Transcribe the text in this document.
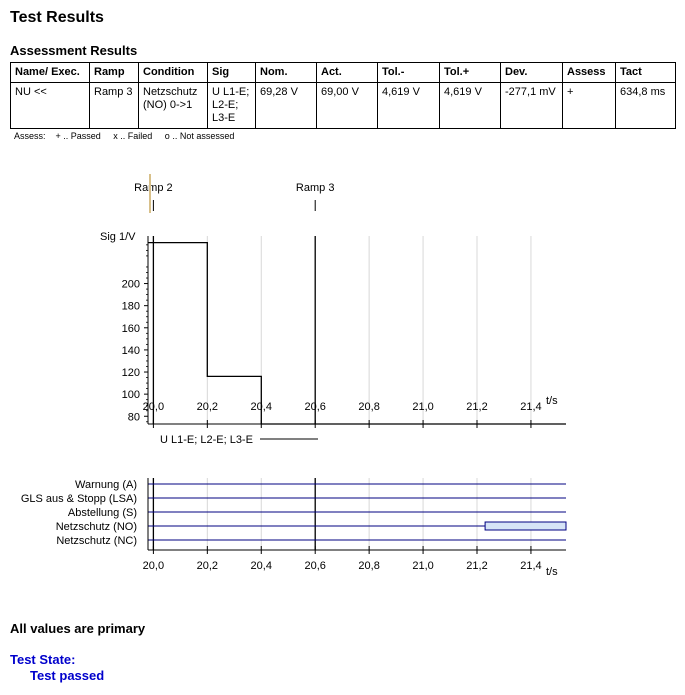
Test Results
Assessment Results
Name/ Exec.	Ramp	Condition	Sig	Nom.	Act.	Tol.-	Tol.+	Dev.	Assess	Tact
NU <<	Ramp 3	Netzschutz (NO) 0->1	U L1-E; L2-E; L3-E	69,28 V	69,00 V	4,619 V	4,619 V	-277,1 mV	+	634,8 ms
Assess:    + .. Passed     x .. Failed     o .. Not assessed
Ramp 2	Ramp 3
80
100
120
140
160
180
200
20,0	20,2	20,4	20,6	20,8	21,0	21,2	21,4
Sig 1/V
t/s
U L1-E; L2-E; L3-E
Warnung (A)
GLS aus & Stopp (LSA)
Abstellung (S)
Netzschutz (NO)
Netzschutz (NC)
20,0	20,2	20,4	20,6	20,8	21,0	21,2	21,4 t/s
All values are primary
Test State:
Test passed
